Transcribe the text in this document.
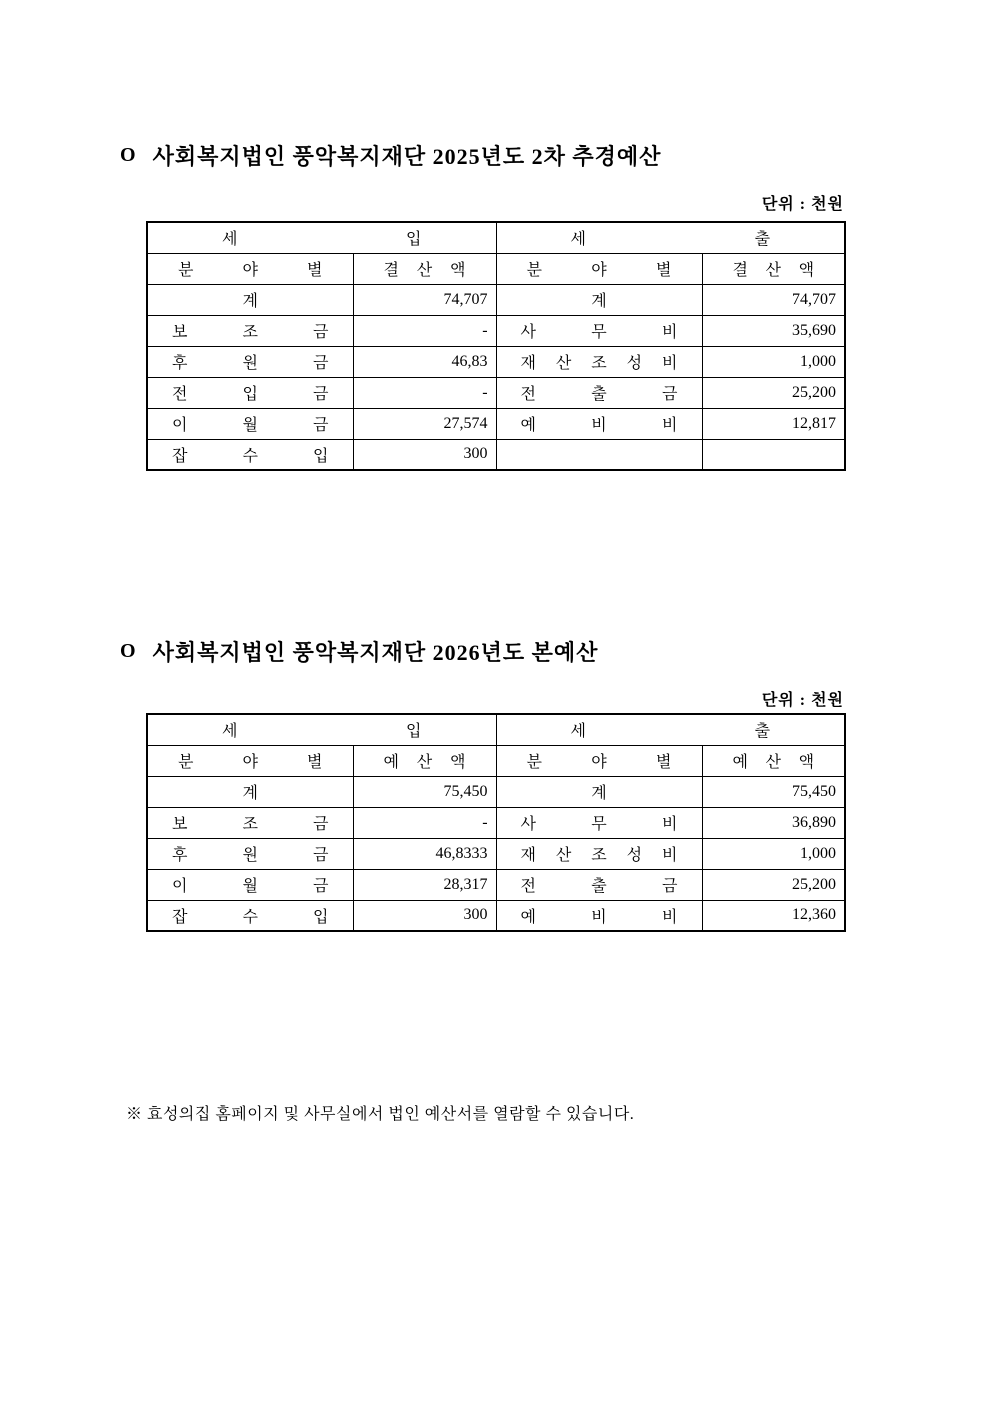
O 사회복지법인 풍악복지재단 2025년도 2차 추경예산
단위 : 천원
세 입		세 출	
분 야 별	결 산 액	분 야 별	결 산 액
계	74,707	계	74,707
보 조 금	-	사 무 비	35,690
후 원 금	46,83	재 산 조 성 비	1,000
전 입 금	-	전 출 금	25,200
이 월 금	27,574	예 비 비	12,817
잡 수 입	300		
O 사회복지법인 풍악복지재단 2026년도 본예산
단위 : 천원
세 입		세 출	
분 야 별	예 산 액	분 야 별	예 산 액
계	75,450	계	75,450
보 조 금	-	사 무 비	36,890
후 원 금	46,8333	재 산 조 성 비	1,000
이 월 금	28,317	전 출 금	25,200
잡 수 입	300	예 비 비	12,360
※ 효성의집 홈페이지 및 사무실에서 법인 예산서를 열람할 수 있습니다.
